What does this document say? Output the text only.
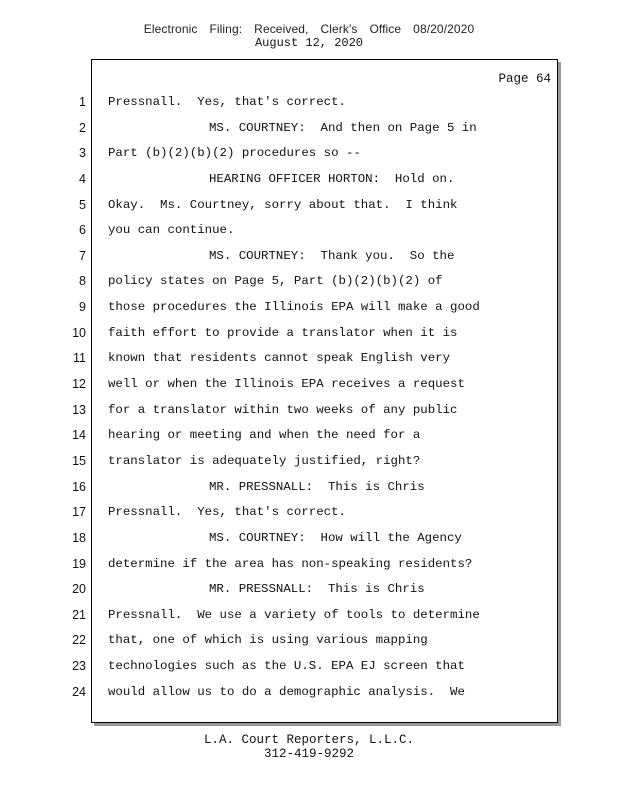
Electronic Filing: Received, Clerk's Office 08/20/2020
August 12, 2020
Page 64
1
2
3
4
5
6
7
8
9
10
11
12
13
14
15
16
17
18
19
20
21
22
23
24
Pressnall.  Yes, that's correct.
MS. COURTNEY:  And then on Page 5 in
Part (b)(2)(b)(2) procedures so --
HEARING OFFICER HORTON:  Hold on.
Okay.  Ms. Courtney, sorry about that.  I think
you can continue.
MS. COURTNEY:  Thank you.  So the
policy states on Page 5, Part (b)(2)(b)(2) of
those procedures the Illinois EPA will make a good
faith effort to provide a translator when it is
known that residents cannot speak English very
well or when the Illinois EPA receives a request
for a translator within two weeks of any public
hearing or meeting and when the need for a
translator is adequately justified, right?
MR. PRESSNALL:  This is Chris
Pressnall.  Yes, that's correct.
MS. COURTNEY:  How will the Agency
determine if the area has non-speaking residents?
MR. PRESSNALL:  This is Chris
Pressnall.  We use a variety of tools to determine
that, one of which is using various mapping
technologies such as the U.S. EPA EJ screen that
would allow us to do a demographic analysis.  We
L.A. Court Reporters, L.L.C.
312-419-9292
